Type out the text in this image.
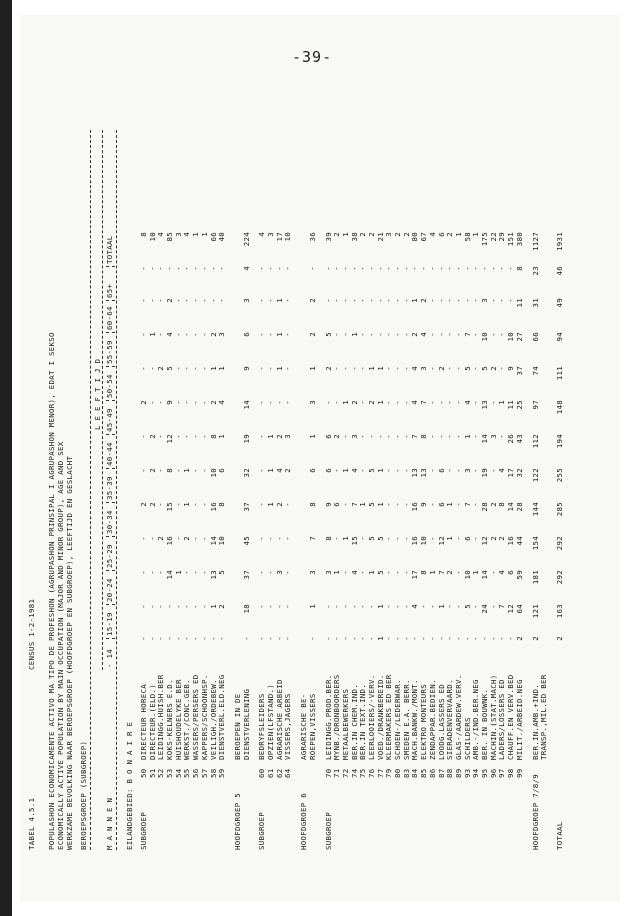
-39-
TABEL 4.5.1
CENSUS 1-2-1981 POPULASHON ECONOMICAMENTE ACTIVO MA TIPO DE PROFESHON (AGRUPASHON PRINSIPAL I AGRUPASHON MENOR), EDAT I SEKSO ECONOMICALLY ACTIVE POPULATION BY MAIN OCCUPATION (MAJOR AND MINOR GROUP), AGE AND SEX WERKZAME BEVOLKING NAAR BEROEPSGROEP (HOOFDGROEP EN SUBGROEP), LEEFTIJD EN GESLACHT BEROEPSGROEP (SUBGROEP)
L E E F T I J D
M A N N E N
- 14
15-19
20-24
25-29
30-34
35-39
40-44
45-49
50-54
55-59
60-64
65+
TOTAAL
EILANDGEBIED: B O N A I R E SUBGROEP
50
DIRECTEUR HORECA
-
-
-
-
2
-
-
2
-
-
-
-
8
51
DIRECTEUR.(ELD.)
-
-
-
-
2
2
2
-
-
1
-
-
10
52
LEIDINGG.HUISH.BER
-
-
-
2
-
-
-
-
2
-
-
-
4
53
KOKS-KELNERS E.D.
-
-
14
16
15
8
12
9
5
4
2
-
85
54
HUISHOUDELYKE BER
-
-
1
-
-
-
-
-
-
-
-
-
3
55
WERKST./CONC.GEB.
-
-
-
2
1
1
-
-
-
-
-
-
4
56
WASSERS/PERSERS ED
-
-
-
-
-
-
-
-
-
-
-
-
1
57
KAPPERS/SCHOONHSP.
-
-
-
-
-
-
-
-
-
-
-
-
1
58
VEILIGH./ORDEBEW.
-
1
13
14
16
10
8
2
1
2
-
-
66
59
DIENSTVERL.ELD.NEG
-
2
5
10
8
6
1
4
1
3
-
-
40
HOOFDGROEP 5
BEROEPEN IN DE DIENSTVERLENING
-
18
37
45
37
32
19
14
9
6
3
4
224
SUBGROEP
60
BEDRYFSLEIDERS
-
-
-
-
-
-
-
-
-
-
-
-
4
61
OPZIEN(LFSTAND.)
-
-
-
-
1
1
1
-
-
-
-
-
3
62
AGRARISCHE ARBEID
-
-
3
-
2
4
2
-
1
1
1
-
17
64
VISSERS,JAGERS
-
-
-
-
-
2
3
-
-
-
-
-
10
HOOFDGROEP 6
AGRARISCHE BE- ROEPEN,VISSERS
-
1
3
7
8
6
1
3
1
2
2
-
36
SUBGROEP
70
LEIDINGG.PROD.BER.
-
-
3
8
9
6
6
-
2
5
-
-
39
71
MYNB./DRONBOORDERS
-
-
1
-
6
-
2
-
-
-
-
-
2
72
METAALBEWERKERS
-
-
-
1
-
1
-
1
-
-
-
-
1
74
BER.IN CHEM.IND.
-
-
4
15
7
4
3
2
-
1
-
-
38
75
BER.IN TEXT.IND.
-
-
-
-
1
-
-
-
-
-
-
-
2
76
LEERLOOIERS/-VERV.
-
-
1
5
5
5
-
2
1
-
-
-
2
77
VOED./DRANKBEREID.
1
1
5
5
1
1
-
1
1
-
-
-
21
79
KLEERMAKERS ED BER
-
-
-
-
-
-
-
-
-
-
-
-
3
80
SCHOEN-/LEDERWAR.
-
-
-
-
-
-
-
-
-
-
-
-
2
83
SMEDEN E.A. BERR.
-
-
-
-
-
-
-
-
-
-
-
-
2
84
MACH.BANKW./MONT.
-
4
17
16
16
13
7
4
4
2
1
-
80
85
ELEKTRO MONTEURS
-
-
8
10
9
13
8
7
3
4
2
-
67
86
ZENDAPPAR.BEDIEN.
-
-
1
-
-
-
-
-
-
-
-
-
4
87
LOODG.LASSERS ED
-
1
7
12
6
6
-
-
2
-
-
-
6
88
SIERADENVERVAARD.
-
-
2
1
1
-
-
-
-
-
-
-
2
89
GLAS-/AARDEW.VERV.
-
-
-
-
-
-
-
-
-
-
-
-
1
93
SCHILDERS
-
5
10
6
7
3
1
4
5
7
-
-
58
94
AMB.-/IND.BER.NEG
-
-
1
-
-
-
-
-
-
-
-
-
1
95
BER. IN BOUWNK.
-
24
14
12
28
19
14
13
5
10
3
-
175
96
MACHIN.(STAT.MACH)
-
-
-
2
2
-
3
-
2
-
-
-
22
97
LADERS/LOSSERS ED
-
7
4
2
8
4
-
1
-
-
-
-
29
98
CHAUFF.EN VERV.BED
-
12
6
16
14
17
26
11
9
10
-
-
151
99
MILIT./ARBEID.NEG
2
64
59
44
28
32
43
25
37
27
11
8
380
HOOFDGROEP 7/8/9
BER.IN.AMB.+IND.
2
121
181
154
144
122
112
97
74
66
31
23
1127
TRANSP.,MIL.ED BER
TOTAAL
2
163
292
292
285
255
194
148
111
94
49
46
1931
